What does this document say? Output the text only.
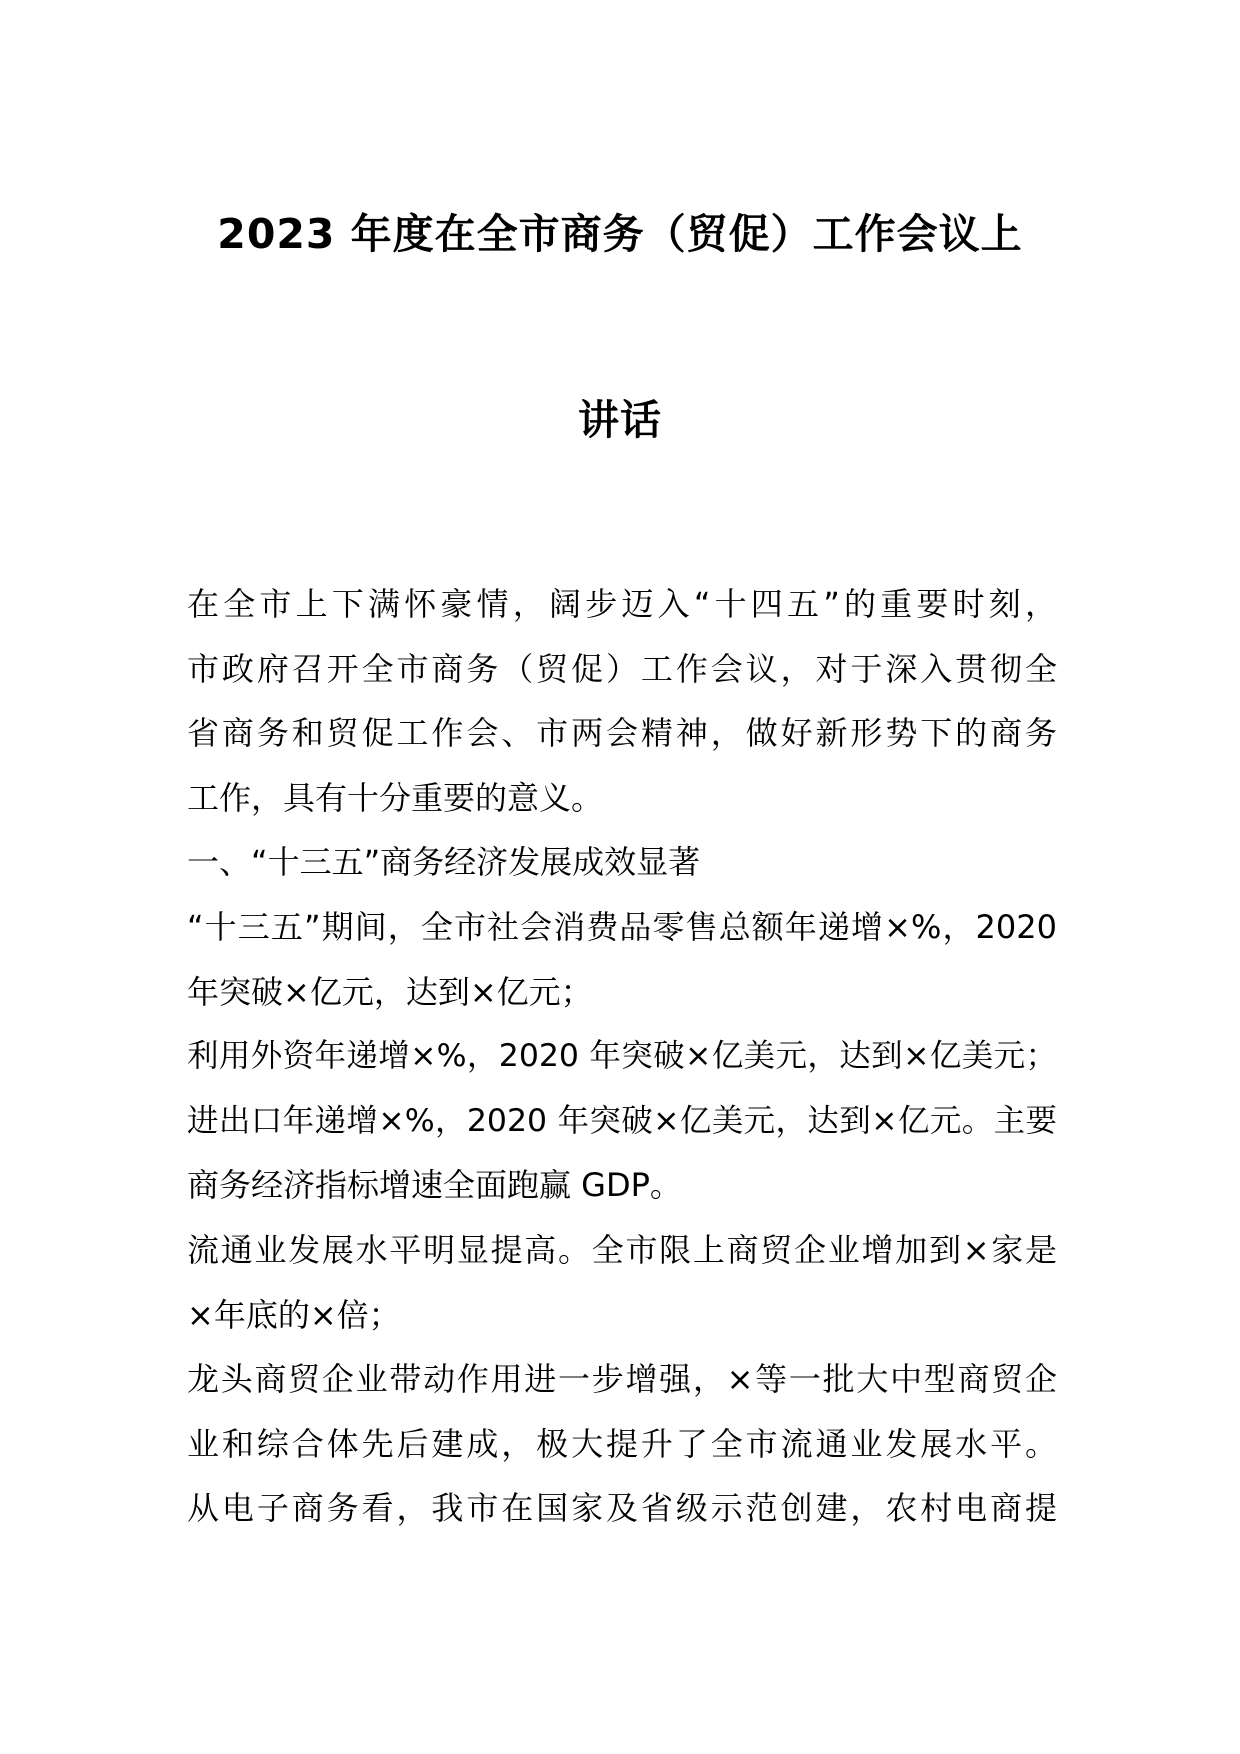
2023 年度在全市商务（贸促）工作会议上
讲话
在全市上下满怀豪情，阔步迈入“十四五”的重要时刻，
市政府召开全市商务（贸促）工作会议，对于深入贯彻全
省商务和贸促工作会、市两会精神，做好新形势下的商务
工作，具有十分重要的意义。
一、“十三五”商务经济发展成效显著
“十三五”期间，全市社会消费品零售总额年递增×%，2020
年突破×亿元，达到×亿元；
利用外资年递增×%，2020 年突破×亿美元，达到×亿美元；
进出口年递增×%，2020 年突破×亿美元，达到×亿元。主要
商务经济指标增速全面跑赢 GDP。
流通业发展水平明显提高。全市限上商贸企业增加到×家是
×年底的×倍；
龙头商贸企业带动作用进一步增强，×等一批大中型商贸企
业和综合体先后建成，极大提升了全市流通业发展水平。
从电子商务看，我市在国家及省级示范创建，农村电商提
